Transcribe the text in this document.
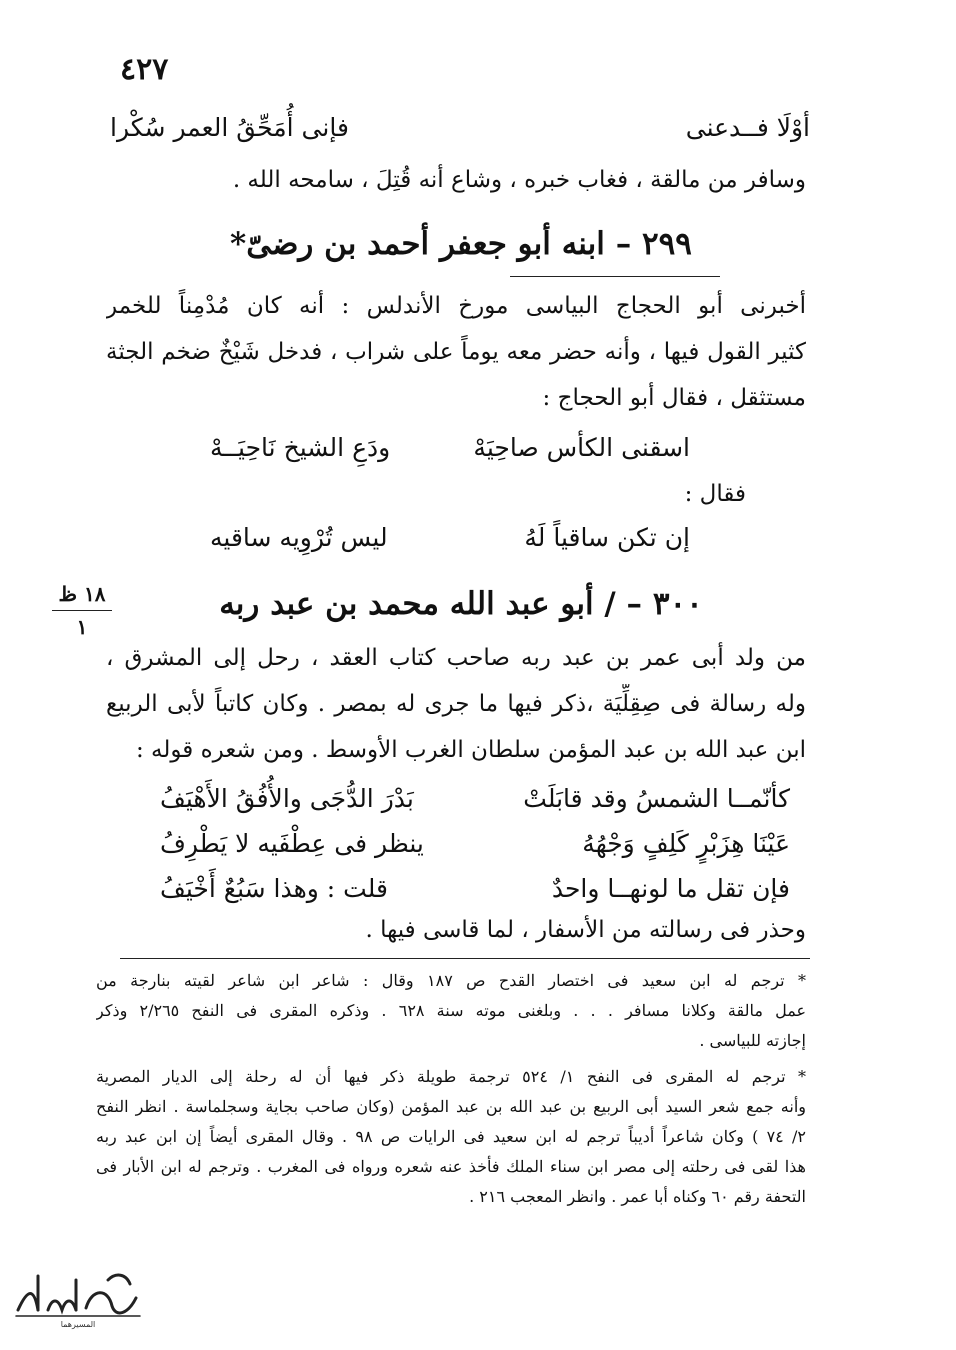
٤٢٧
أوْلَا فــدعنى
فإنى أُمَحِّقُ العمر سُكْرا
وسافر من مالقة ، فغاب خبره ، وشاع أنه قُتِلَ ، سامحه الله .
٢٩٩ – ابنه أبو جعفر أحمد بن رضىّ*
أخبرنى أبو الحجاج البياسى مورخ الأندلس : أنه كان مُدْمِناً للخمر
كثير القول فيها ، وأنه حضر معه يوماً على شراب ، فدخل شَيْخٌ ضخم الجثة
مستثقل ، فقال أبو الحجاج :
اسقنى الكأس صاحِيَهْ
ودَعِ الشيخ نَاحِيَــهْ
فقال :
إن تكن ساقياً لَهُ
ليس تُرْوِيه ساقيه
١٨ ظ
١
٣٠٠ – / أبو عبد الله محمد بن عبد ربه
من ولد أبى عمر بن عبد ربه صاحب كتاب العقد ، رحل إلى المشرق ،
وله رسالة فى صِقِلِّيَة ،ذكر فيها ما جرى له بمصر . وكان كاتباً لأبى الربيع
ابن عبد الله بن عبد المؤمن سلطان الغرب الأوسط . ومن شعره قوله :
كأنّمــا الشمسُ وقد قابَلَتْ
بَدْرَ الدُّجَى والأُفُقُ الأَهْيَفُ
عَيْنَا هِزَبْرٍ كَلِفٍ وَجْهُهُ
ينظر فى عِطْفَيه لا يَطْرِفُ
فإن تقل ما لونهــا واحدٌ
قلت : وهذا سَبُعٌ أَخْيَفُ
وحذر فى رسالته من الأسفار ، لما قاسى فيها .
* ترجم له ابن سعيد فى اختصار القدح ص ١٨٧ وقال : شاعر ابن شاعر لقيته بنارجة من
عمل مالقة وكلانا مسافر . . . وبلغنى موته سنة ٦٢٨ . وذكره المقرى فى النفح ٢/٢٦٥ وذكر
إجازته للبياسى .
* ترجم له المقرى فى النفح ١/ ٥٢٤ ترجمة طويلة ذكر فيها أن له رحلة إلى الديار المصرية
وأنه جمع شعر السيد أبى الربيع بن عبد الله بن عبد المؤمن (وكان صاحب بجاية وسجلماسة . انظر النفح
٢/ ٧٤ ) وكان شاعراً أديباً ترجم له ابن سعيد فى الرايات ص ٩٨ . وقال المقرى أيضاً إن ابن عبد ربه
هذا لقى فى رحلته إلى مصر ابن سناء الملك فأخذ عنه شعره ورواه فى المغرب . وترجم له ابن الأبار فى
التحفة رقم ٦٠ وكناه أبا عمر . وانظر المعجب ٢١٦ .
المسيرهما
